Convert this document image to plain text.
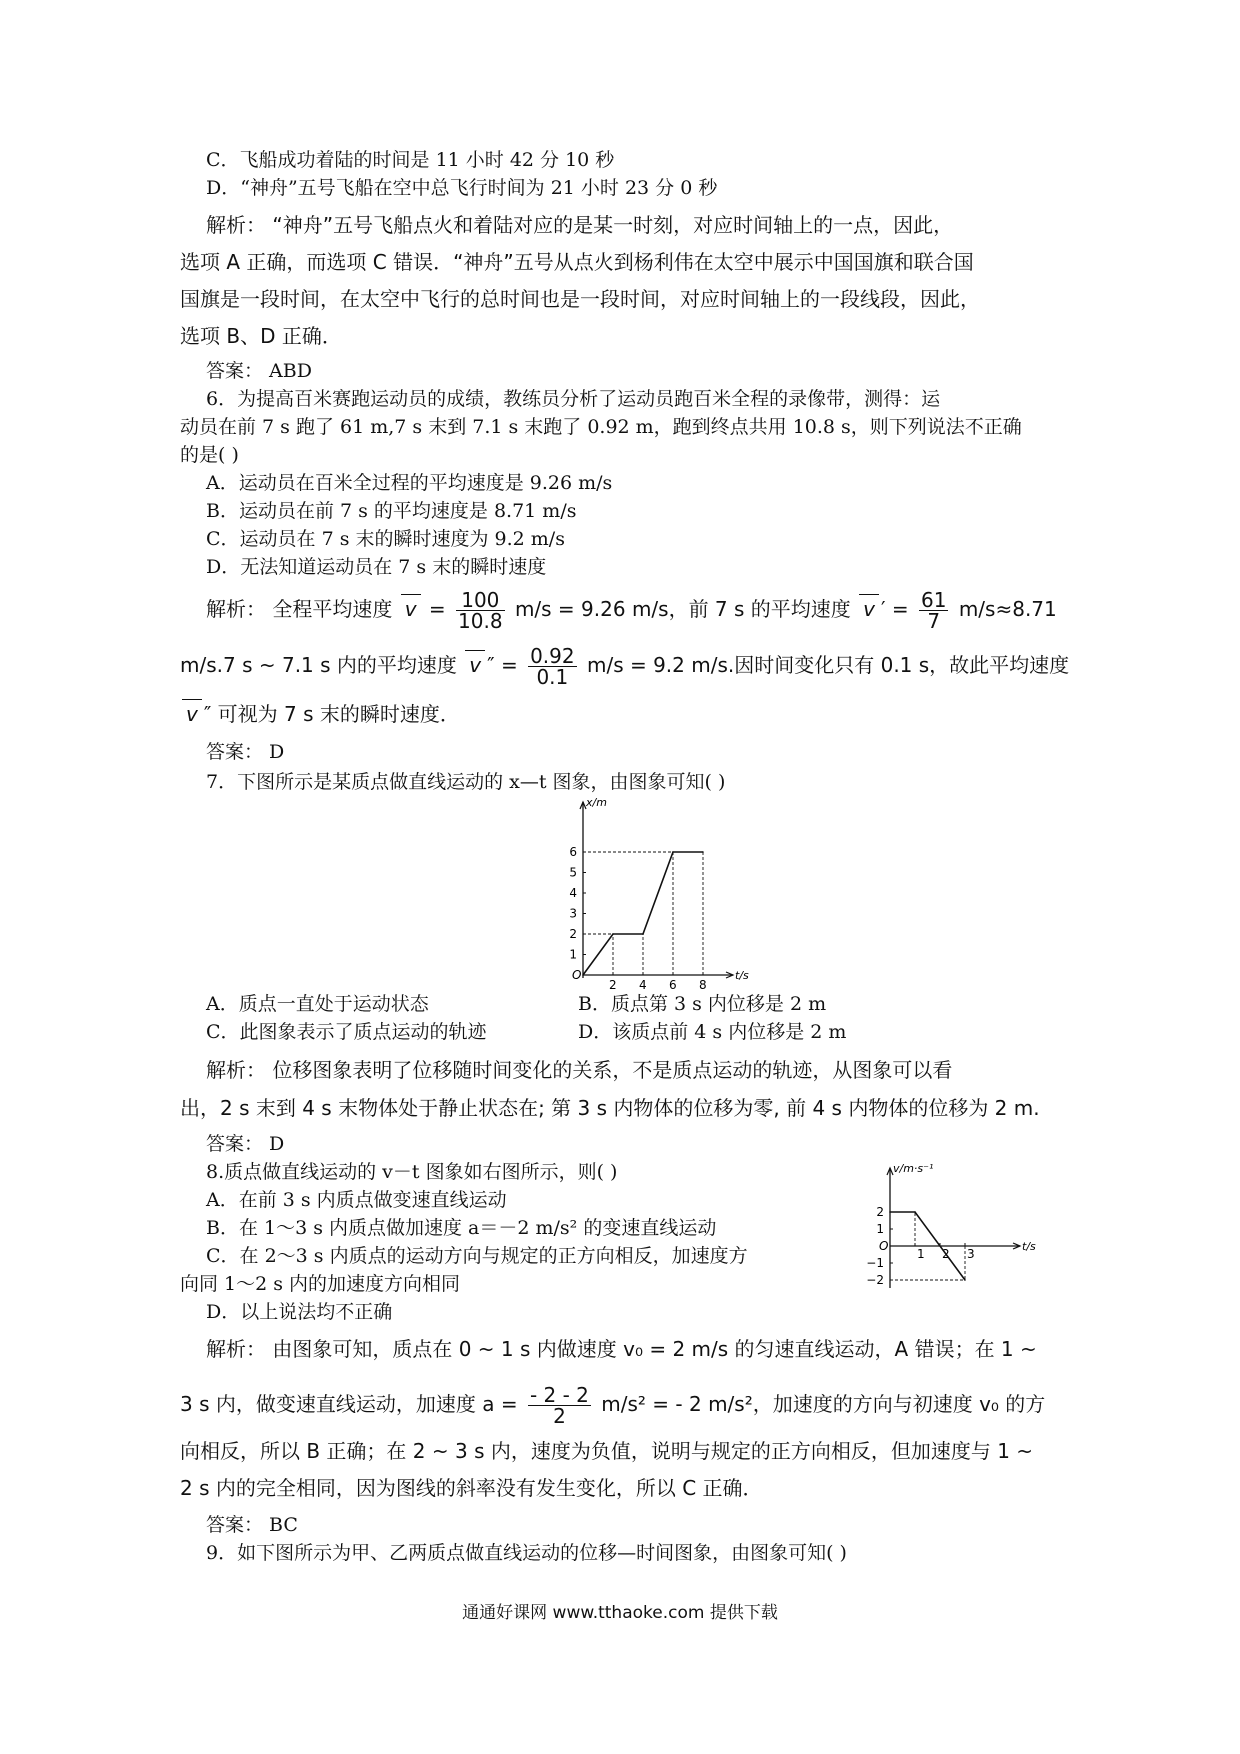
C．飞船成功着陆的时间是 11 小时 42 分 10 秒
D．“神舟”五号飞船在空中总飞行时间为 21 小时 23 分 0 秒
解析： “神舟”五号飞船点火和着陆对应的是某一时刻，对应时间轴上的一点，因此，
选项 A 正确，而选项 C 错误．“神舟”五号从点火到杨利伟在太空中展示中国国旗和联合国
国旗是一段时间，在太空中飞行的总时间也是一段时间，对应时间轴上的一段线段，因此，
选项 B、D 正确．
答案： ABD
6．为提高百米赛跑运动员的成绩，教练员分析了运动员跑百米全程的录像带，测得：运
动员在前 7 s 跑了 61 m,7 s 末到 7.1 s 末跑了 0.92 m，跑到终点共用 10.8 s，则下列说法不正确
的是( )
A．运动员在百米全过程的平均速度是 9.26 m/s
B．运动员在前 7 s 的平均速度是 8.71 m/s
C．运动员在 7 s 末的瞬时速度为 9.2 m/s
D．无法知道运动员在 7 s 末的瞬时速度
解析： 全程平均速度 $v = \frac{100}{10.8} m/s = 9.26$ m/s，前 7 s 的平均速度 v ′ = $\frac{61}{7} m/s\approx 8.71$
m/s.7 s ~ 7.1 s 内的平均速度 v ″ = $\frac{0.92}{0.1} m/s = 9.2$ m/s.因时间变化只有 0.1 s，故此平均速度
v ″ 可视为 7 s 末的瞬时速度．
答案： D
7．下图所示是某质点做直线运动的 x—t 图象，由图象可知( )
x/m
t/s
O
2 4 6 8
1
2
3
4
5
6
A．质点一直处于运动状态	B．质点第 3 s 内位移是 2 m
C．此图象表示了质点运动的轨迹	D．该质点前 4 s 内位移是 2 m
解析： 位移图象表明了位移随时间变化的关系，不是质点运动的轨迹，从图象可以看
出，2 s 末到 4 s 末物体处于静止状态在; 第 3 s 内物体的位移为零, 前 4 s 内物体的位移为 2 m.
答案： D
8.质点做直线运动的 v－t 图象如右图所示，则( )
A．在前 3 s 内质点做变速直线运动
B．在 1～3 s 内质点做加速度 a＝－2 m/s² 的变速直线运动
C．在 2～3 s 内质点的运动方向与规定的正方向相反，加速度方
向同 1～2 s 内的加速度方向相同
D．以上说法均不正确
v/m·s⁻¹
t/s
O
1 2 3
2
1
−1
−2
解析： 由图象可知，质点在 0 ~ 1 s 内做速度 v₀ = 2 m/s 的匀速直线运动，A 错误；在 1 ~
3 s 内，做变速直线运动，加速度 $a = \frac{- 2 - 2}{2} m/s^2$ = - 2 m/s²，加速度的方向与初速度 v₀ 的方
向相反，所以 B 正确；在 2 ~ 3 s 内，速度为负值，说明与规定的正方向相反，但加速度与 1 ~
2 s 内的完全相同，因为图线的斜率没有发生变化，所以 C 正确．
答案： BC
9．如下图所示为甲、乙两质点做直线运动的位移—时间图象，由图象可知( )
通通好课网 www.tthaoke.com 提供下载
